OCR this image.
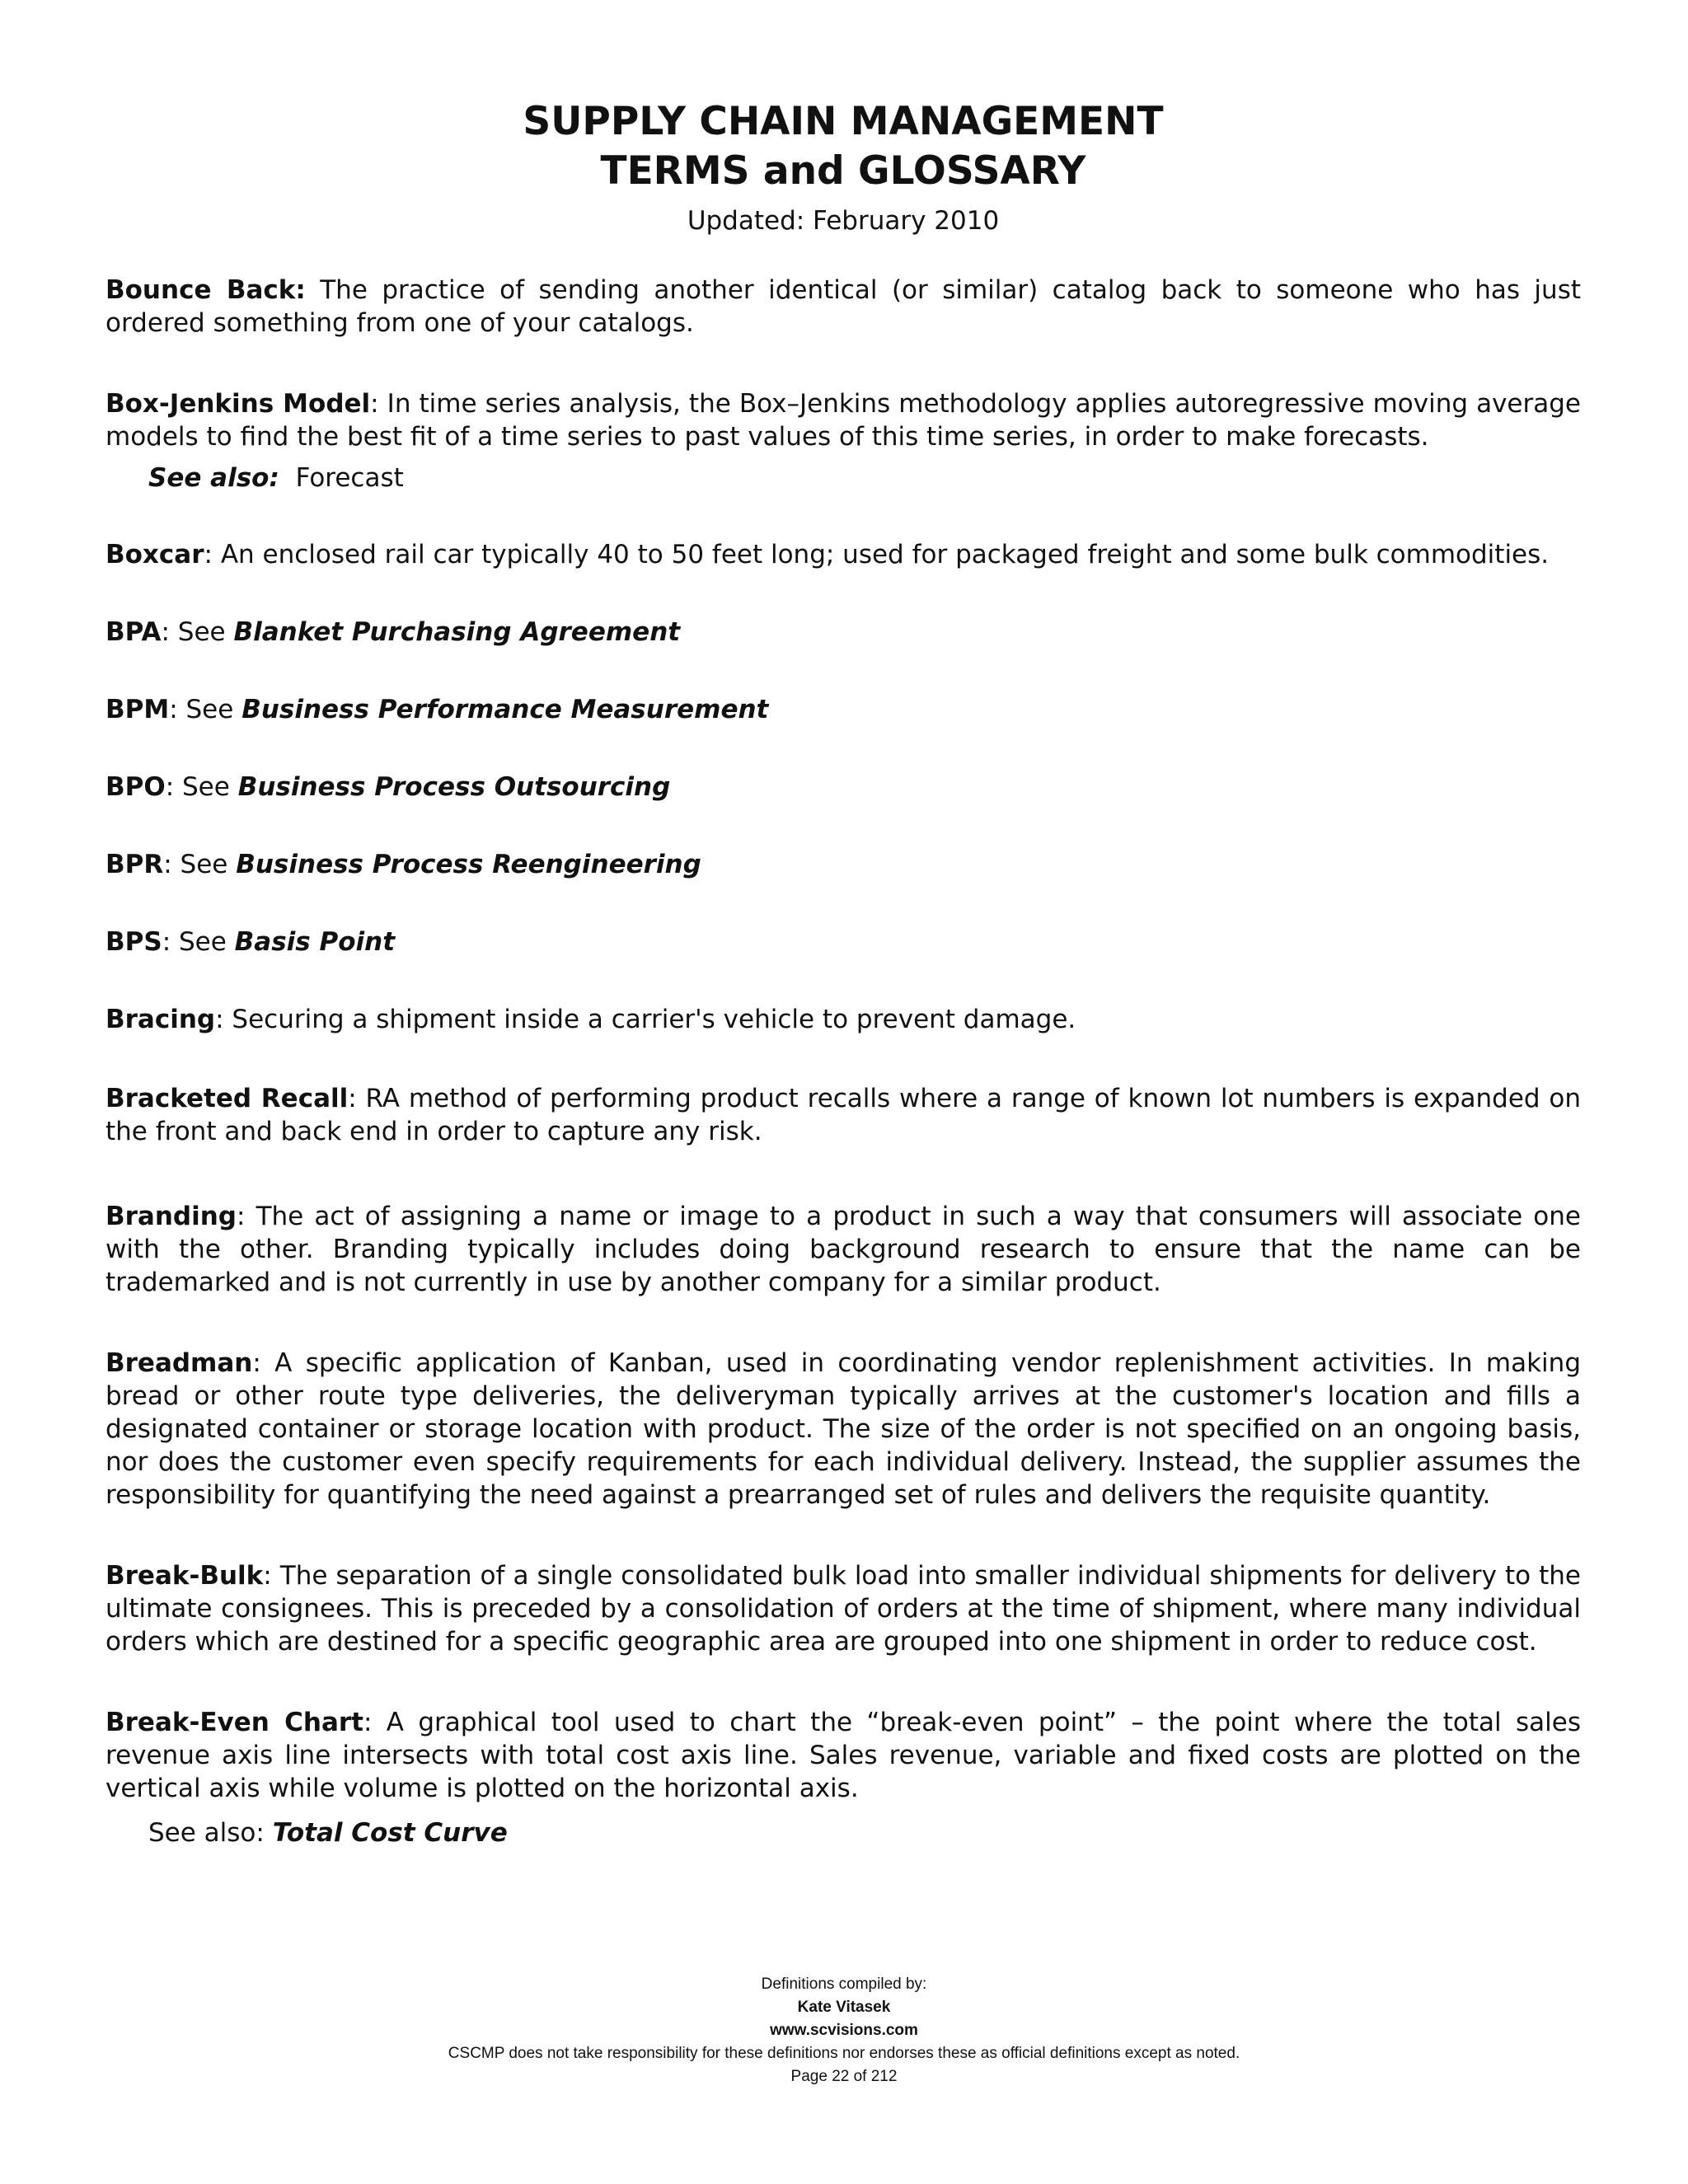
SUPPLY CHAIN MANAGEMENT
TERMS and GLOSSARY
Updated: February 2010
Bounce Back: The practice of sending another identical (or similar) catalog back to someone who has just ordered something from one of your catalogs.
Box-Jenkins Model: In time series analysis, the Box–Jenkins methodology applies autoregressive moving average models to find the best fit of a time series to past values of this time series, in order to make forecasts.
See also: Forecast
Boxcar: An enclosed rail car typically 40 to 50 feet long; used for packaged freight and some bulk commodities.
BPA: See Blanket Purchasing Agreement
BPM: See Business Performance Measurement
BPO: See Business Process Outsourcing
BPR: See Business Process Reengineering
BPS: See Basis Point
Bracing: Securing a shipment inside a carrier's vehicle to prevent damage.
Bracketed Recall: RA method of performing product recalls where a range of known lot numbers is expanded on the front and back end in order to capture any risk.
Branding: The act of assigning a name or image to a product in such a way that consumers will associate one with the other. Branding typically includes doing background research to ensure that the name can be trademarked and is not currently in use by another company for a similar product.
Breadman: A specific application of Kanban, used in coordinating vendor replenishment activities. In making bread or other route type deliveries, the deliveryman typically arrives at the customer's location and fills a designated container or storage location with product. The size of the order is not specified on an ongoing basis, nor does the customer even specify requirements for each individual delivery. Instead, the supplier assumes the responsibility for quantifying the need against a prearranged set of rules and delivers the requisite quantity.
Break-Bulk: The separation of a single consolidated bulk load into smaller individual shipments for delivery to the ultimate consignees. This is preceded by a consolidation of orders at the time of shipment, where many individual orders which are destined for a specific geographic area are grouped into one shipment in order to reduce cost.
Break-Even Chart: A graphical tool used to chart the “break-even point” – the point where the total sales revenue axis line intersects with total cost axis line. Sales revenue, variable and fixed costs are plotted on the vertical axis while volume is plotted on the horizontal axis.
See also: Total Cost Curve
Definitions compiled by:
Kate Vitasek
www.scvisions.com
CSCMP does not take responsibility for these definitions nor endorses these as official definitions except as noted.
Page 22 of 212
